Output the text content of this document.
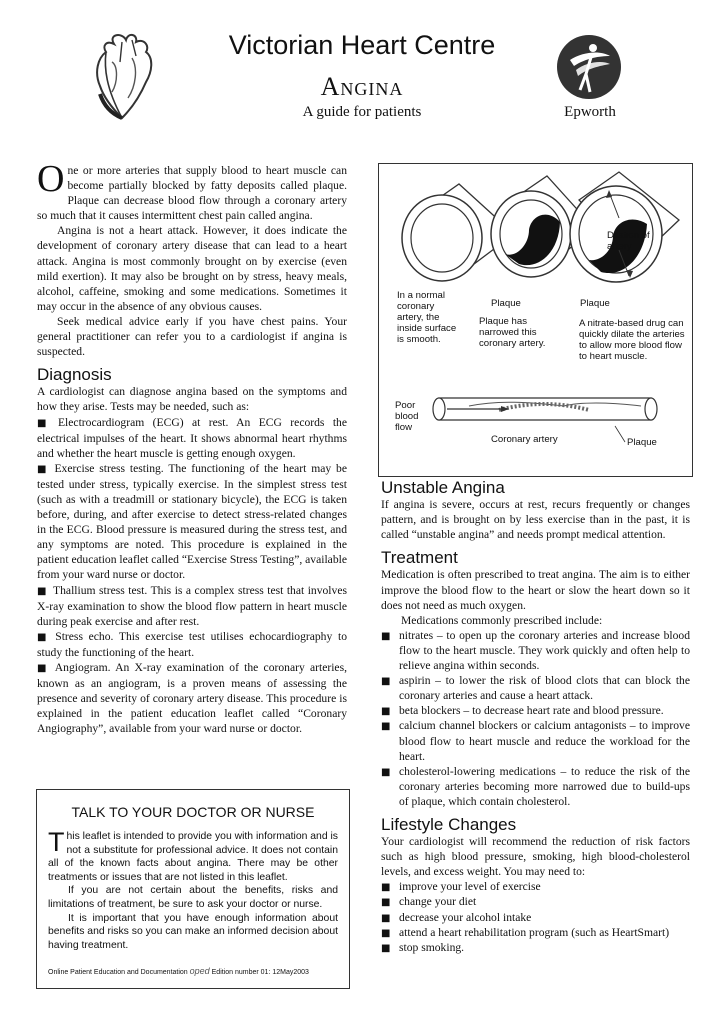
Victorian Heart Centre
Angina
A guide for patients	Epworth

One or more arteries that supply blood to heart muscle can become partially blocked by fatty deposits called plaque. Plaque can decrease blood flow through a coronary artery so much that it causes intermittent chest pain called angina.

Angina is not a heart attack. However, it does indicate the development of coronary artery disease that can lead to a heart attack. Angina is most commonly brought on by exercise (even mild exertion). It may also be brought on by stress, heavy meals, alcohol, caffeine, smoking and some medications. Sometimes it may occur in the absence of any obvious causes.

Seek medical advice early if you have chest pains. Your general practitioner can refer you to a cardiologist if angina is suspected.

Diagnosis

A cardiologist can diagnose angina based on the symptoms and how they arise. Tests may be needed, such as:

■ Electrocardiogram (ECG) at rest. An ECG records the electrical impulses of the heart. It shows abnormal heart rhythms and whether the heart muscle is getting enough oxygen.

■ Exercise stress testing. The functioning of the heart may be tested under stress, typically exercise. In the simplest stress test (such as with a treadmill or stationary bicycle), the ECG is taken before, during, and after exercise to detect stress-related changes in the ECG. Blood pressure is measured during the stress test, and any symptoms are noted. This procedure is explained in the patient education leaflet called “Exercise Stress Testing”, available from your ward nurse or doctor.

■ Thallium stress test. This is a complex stress test that involves X-ray examination to show the blood flow pattern in heart muscle during peak exercise and after rest.

■ Stress echo. This exercise test utilises echocardiography to study the functioning of the heart.

■ Angiogram. An X-ray examination of the coronary arteries, known as an angiogram, is a proven means of assessing the presence and severity of coronary artery disease. This procedure is explained in the patient education leaflet called “Coronary Angiography”, available from your ward nurse or doctor.

TALK TO YOUR DOCTOR OR NURSE

This leaflet is intended to provide you with information and is not a substitute for professional advice. It does not contain all of the known facts about angina. There may be other treatments or issues that are not listed in this leaflet.

If you are not certain about the benefits, risks and limitations of treatment, be sure to ask your doctor or nurse.

It is important that you have enough information about benefits and risks so you can make an informed decision about having treatment.

Online Patient Education and Documentation oped Edition number 01: 12May2003
In a normal coronary artery, the inside surface is smooth.
Plaque
Plaque has narrowed this coronary artery.
Plaque
Dilation of artery
A nitrate-based drug can quickly dilate the arteries to allow more blood flow to heart muscle.
Poor blood flow
Coronary artery	Plaque
Unstable Angina

If angina is severe, occurs at rest, recurs frequently or changes pattern, and is brought on by less exercise than in the past, it is called “unstable angina” and needs prompt medical attention.

Treatment

Medication is often prescribed to treat angina. The aim is to either improve the blood flow to the heart or slow the heart down so it does not need as much oxygen.

Medications commonly prescribed include:

■ nitrates – to open up the coronary arteries and increase blood flow to the heart muscle. They work quickly and often help to relieve angina within seconds.
■ aspirin – to lower the risk of blood clots that can block the coronary arteries and cause a heart attack.
■ beta blockers – to decrease heart rate and blood pressure.
■ calcium channel blockers or calcium antagonists – to improve blood flow to heart muscle and reduce the workload for the heart.
■ cholesterol-lowering medications – to reduce the risk of the coronary arteries becoming more narrowed due to build-ups of plaque, which contain cholesterol.
Lifestyle Changes

Your cardiologist will recommend the reduction of risk factors such as high blood pressure, smoking, high blood-cholesterol levels, and excess weight. You may need to:

■ improve your level of exercise
■ change your diet
■ decrease your alcohol intake
■ attend a heart rehabilitation program (such as HeartSmart)
■ stop smoking.
